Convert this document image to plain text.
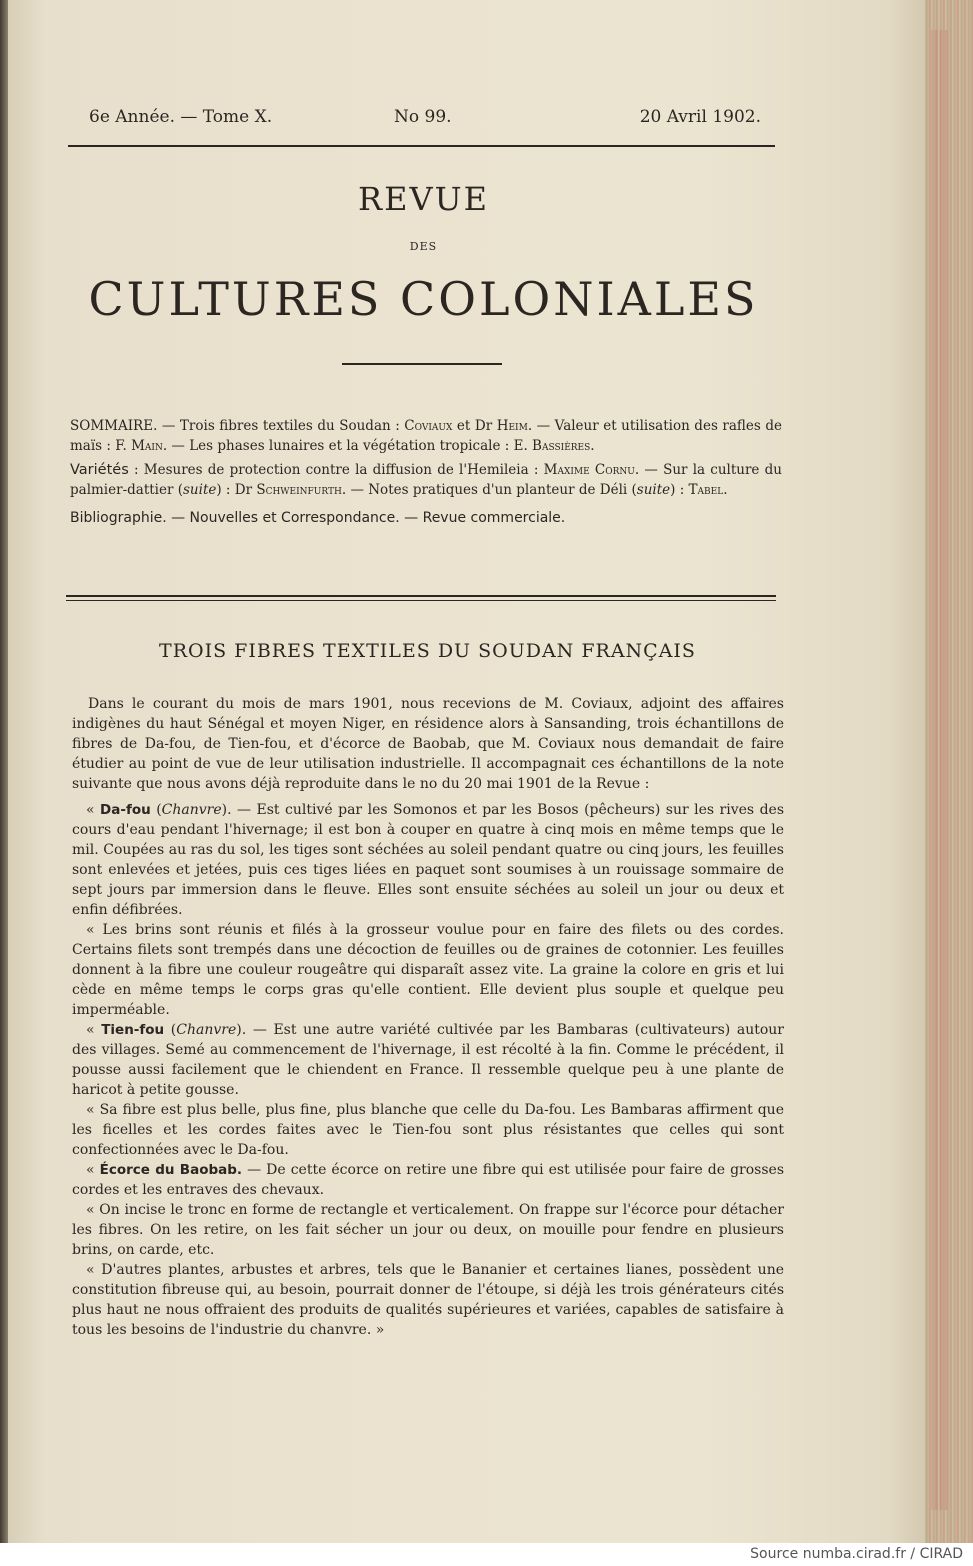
6e Année. — Tome X.	No 99.	20 Avril 1902.
REVUE
DES
CULTURES COLONIALES

SOMMAIRE. — Trois fibres textiles du Soudan : Coviaux et Dr Heim. — Valeur et utilisation des rafles de maïs : F. Main. — Les phases lunaires et la végétation tropicale : E. Bassières.

Variétés : Mesures de protection contre la diffusion de l'Hemileia : Maxime Cornu. — Sur la culture du palmier-dattier (suite) : Dr Schweinfurth. — Notes pratiques d'un planteur de Déli (suite) : Tabel.

Bibliographie. — Nouvelles et Correspondance. — Revue commerciale.

TROIS FIBRES TEXTILES DU SOUDAN FRANÇAIS

Dans le courant du mois de mars 1901, nous recevions de M. Coviaux, adjoint des affaires indigènes du haut Sénégal et moyen Niger, en résidence alors à Sansanding, trois échantillons de fibres de Da-fou, de Tien-fou, et d'écorce de Baobab, que M. Coviaux nous demandait de faire étudier au point de vue de leur utilisation industrielle. Il accompagnait ces échantillons de la note suivante que nous avons déjà reproduite dans le no du 20 mai 1901 de la Revue :

« Da-fou (Chanvre). — Est cultivé par les Somonos et par les Bosos (pêcheurs) sur les rives des cours d'eau pendant l'hivernage; il est bon à couper en quatre à cinq mois en même temps que le mil. Coupées au ras du sol, les tiges sont séchées au soleil pendant quatre ou cinq jours, les feuilles sont enlevées et jetées, puis ces tiges liées en paquet sont soumises à un rouissage sommaire de sept jours par immersion dans le fleuve. Elles sont ensuite séchées au soleil un jour ou deux et enfin défibrées.

« Les brins sont réunis et filés à la grosseur voulue pour en faire des filets ou des cordes. Certains filets sont trempés dans une décoction de feuilles ou de graines de cotonnier. Les feuilles donnent à la fibre une couleur rougeâtre qui disparaît assez vite. La graine la colore en gris et lui cède en même temps le corps gras qu'elle contient. Elle devient plus souple et quelque peu imperméable.

« Tien-fou (Chanvre). — Est une autre variété cultivée par les Bambaras (cultivateurs) autour des villages. Semé au commencement de l'hivernage, il est récolté à la fin. Comme le précédent, il pousse aussi facilement que le chiendent en France. Il ressemble quelque peu à une plante de haricot à petite gousse.

« Sa fibre est plus belle, plus fine, plus blanche que celle du Da-fou. Les Bambaras affirment que les ficelles et les cordes faites avec le Tien-fou sont plus résistantes que celles qui sont confectionnées avec le Da-fou.

« Écorce du Baobab. — De cette écorce on retire une fibre qui est utilisée pour faire de grosses cordes et les entraves des chevaux.

« On incise le tronc en forme de rectangle et verticalement. On frappe sur l'écorce pour détacher les fibres. On les retire, on les fait sécher un jour ou deux, on mouille pour fendre en plusieurs brins, on carde, etc.

« D'autres plantes, arbustes et arbres, tels que le Bananier et certaines lianes, possèdent une constitution fibreuse qui, au besoin, pourrait donner de l'étoupe, si déjà les trois générateurs cités plus haut ne nous offraient des produits de qualités supérieures et variées, capables de satisfaire à tous les besoins de l'industrie du chanvre. »

Source numba.cirad.fr / CIRAD
